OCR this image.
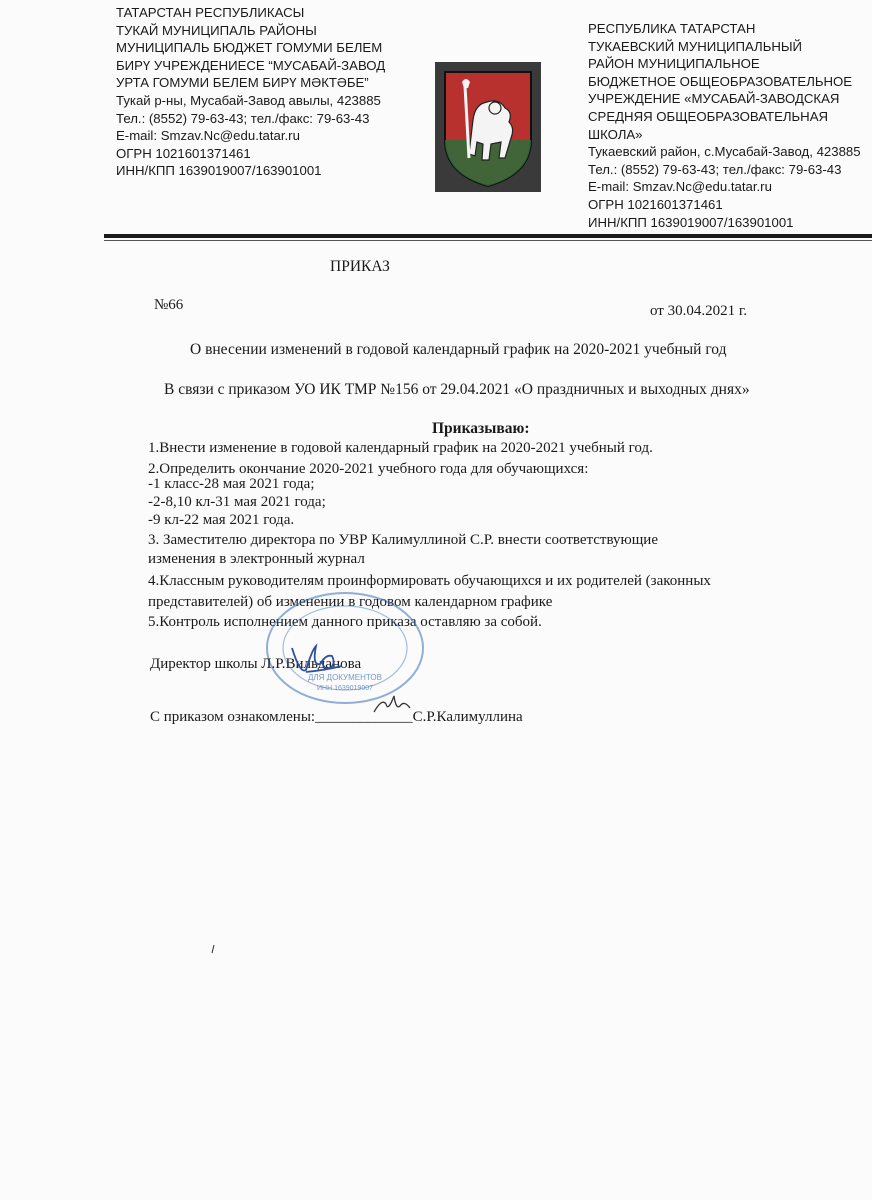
ТАТАРСТАН РЕСПУБЛИКАСЫ
ТУКАЙ МУНИЦИПАЛЬ РАЙОНЫ
МУНИЦИПАЛЬ БЮДЖЕТ ГОМУМИ БЕЛЕМ
БИРҮ УЧРЕЖДЕНИЕСЕ “МУСАБАЙ-ЗАВОД
УРТА ГОМУМИ БЕЛЕМ БИРҮ МӘКТӘБЕ”
Тукай р-ны, Мусабай-Завод авылы, 423885
Тел.: (8552) 79-63-43; тел./факс: 79-63-43
E-mail: Smzav.Nc@edu.tatar.ru
ОГРН 1021601371461
ИНН/КПП 1639019007/163901001
РЕСПУБЛИКА ТАТАРСТАН
ТУКАЕВСКИЙ МУНИЦИПАЛЬНЫЙ
РАЙОН МУНИЦИПАЛЬНОЕ
БЮДЖЕТНОЕ ОБЩЕОБРАЗОВАТЕЛЬНОЕ
УЧРЕЖДЕНИЕ «МУСАБАЙ-ЗАВОДСКАЯ
СРЕДНЯЯ ОБЩЕОБРАЗОВАТЕЛЬНАЯ
ШКОЛА»
Тукаевский район, с.Мусабай-Завод, 423885
Тел.: (8552) 79-63-43; тел./факс: 79-63-43
E-mail: Smzav.Nc@edu.tatar.ru
ОГРН 1021601371461
ИНН/КПП 1639019007/163901001
ПРИКАЗ
№66	от 30.04.2021 г.
О внесении изменений в годовой календарный график на 2020-2021 учебный год
В связи с приказом УО ИК ТМР №156 от 29.04.2021 «О праздничных и выходных днях»
Приказываю:
1.Внести изменение в годовой календарный график на 2020-2021 учебный год.
2.Определить окончание 2020-2021 учебного года для обучающихся:
-1 класс-28 мая 2021 года;
-2-8,10 кл-31 мая 2021 года;
-9 кл-22 мая 2021 года.
3. Заместителю директора по УВР Калимуллиной С.Р. внести соответствующие
изменения в электронный журнал
4.Классным руководителям проинформировать обучающихся и их родителей (законных
представителей) об изменении в годовом календарном графике
5.Контроль исполнением данного приказа оставляю за собой.
ДЛЯ ДОКУМЕНТОВ
ИНН 1639019007
Директор школы Л.Р.Вильданова
С приказом ознакомлены:_____________С.Р.Калимуллина
